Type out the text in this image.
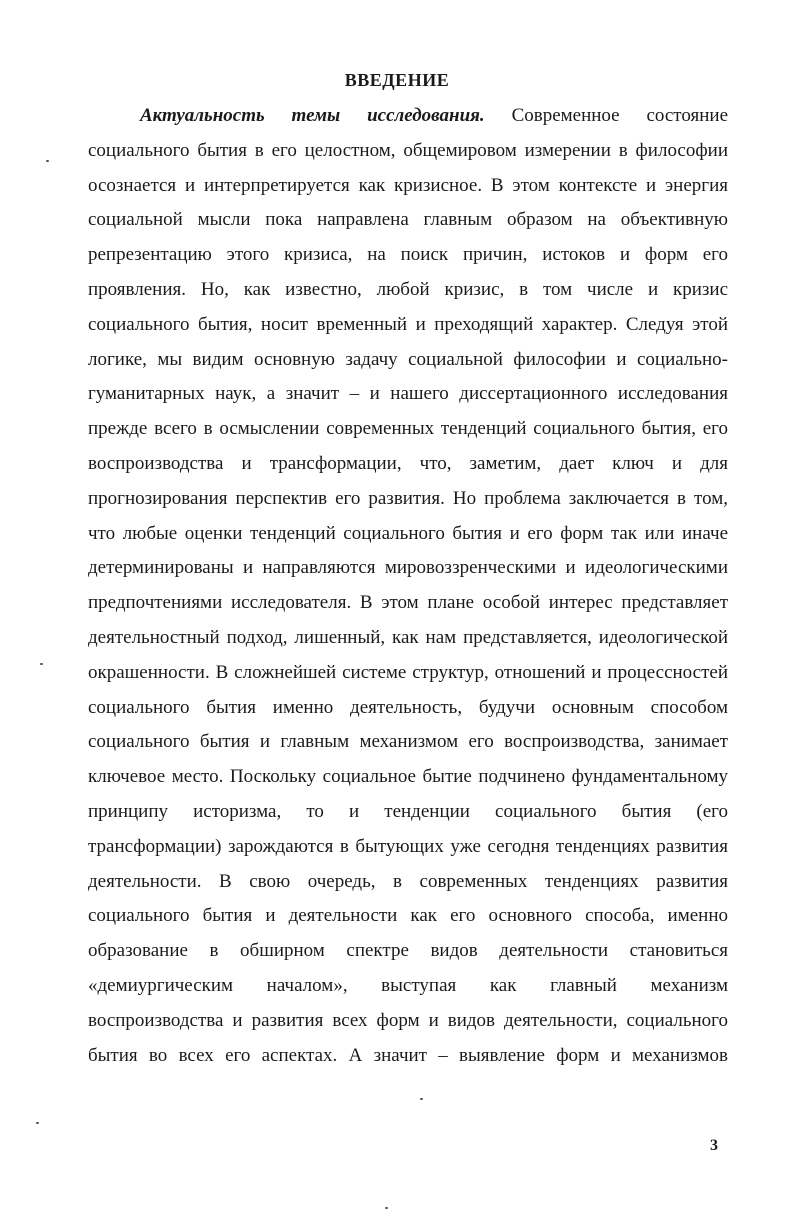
ВВЕДЕНИЕ
Актуальность темы исследования. Современное состояние
социального бытия в его целостном, общемировом измерении в философии
осознается и интерпретируется как кризисное. В этом контексте и энергия
социальной мысли пока направлена главным образом на объективную
репрезентацию этого кризиса, на поиск причин, истоков и форм его
проявления. Но, как известно, любой кризис, в том числе и кризис
социального бытия, носит временный и преходящий характер. Следуя этой
логике, мы видим основную задачу социальной философии и социально-
гуманитарных наук, а значит – и нашего диссертационного исследования
прежде всего в осмыслении современных тенденций социального бытия, его
воспроизводства и трансформации, что, заметим, дает ключ и для
прогнозирования перспектив его развития. Но проблема заключается в том,
что любые оценки тенденций социального бытия и его форм так или иначе
детерминированы и направляются мировоззренческими и идеологическими
предпочтениями исследователя. В этом плане особой интерес представляет
деятельностный подход, лишенный, как нам представляется, идеологической
окрашенности. В сложнейшей системе структур, отношений и процессностей
социального бытия именно деятельность, будучи основным способом
социального бытия и главным механизмом его воспроизводства, занимает
ключевое место. Поскольку социальное бытие подчинено фундаментальному
принципу историзма, то и тенденции социального бытия (его
трансформации) зарождаются в бытующих уже сегодня тенденциях развития
деятельности. В свою очередь, в современных тенденциях развития
социального бытия и деятельности как его основного способа, именно
образование в обширном спектре видов деятельности становиться
«демиургическим началом», выступая как главный механизм
воспроизводства и развития всех форм и видов деятельности, социального
бытия во всех его аспектах. А значит – выявление форм и механизмов
3
